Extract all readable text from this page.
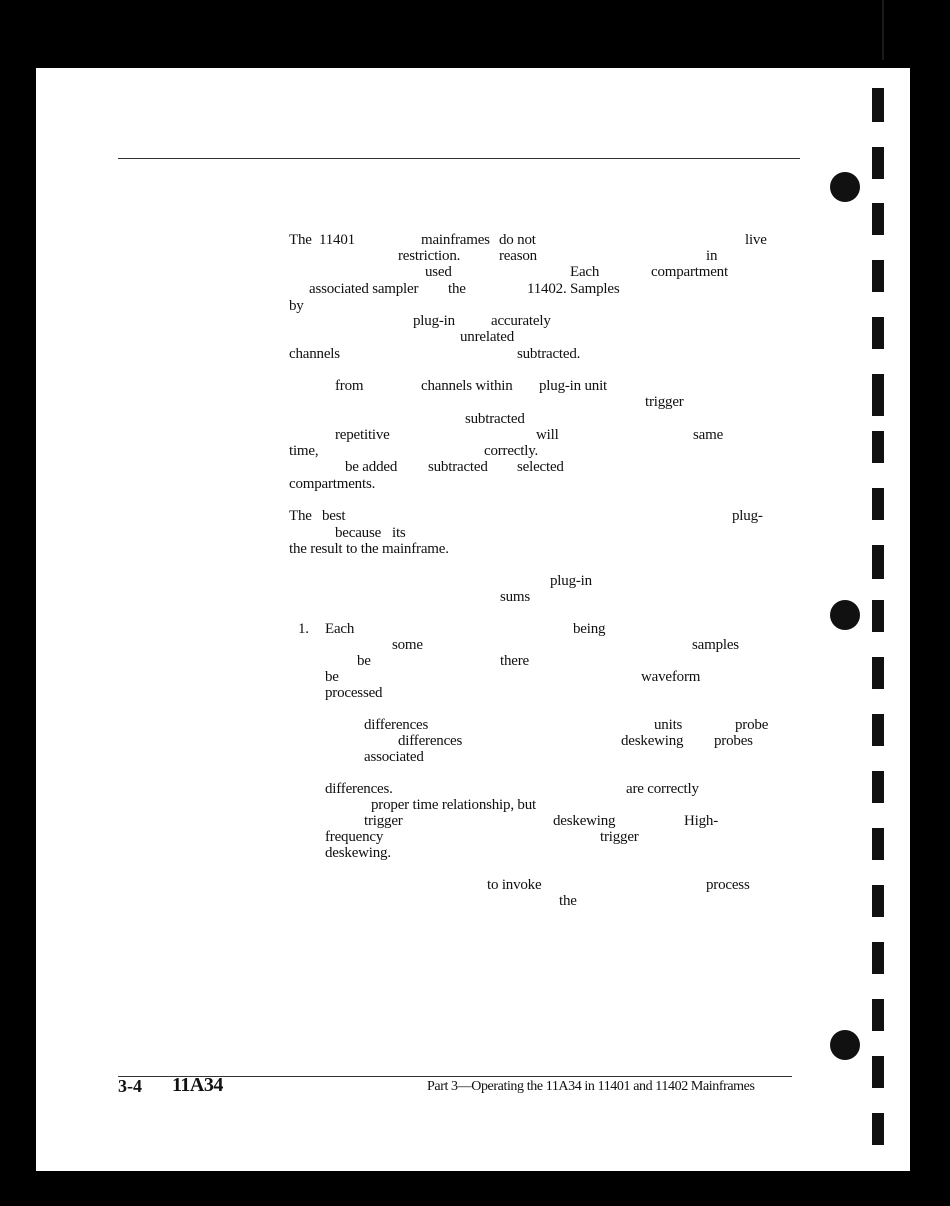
The 11401	mainframes do not	live
restriction.	reason	in
used	Each	compartment
associated sampler the	11402. Samples
by
plug-in accurately
unrelated
channels	subtracted.
from	channels within plug-in unit
trigger
subtracted
repetitive	will	same
time,	correctly.
be added subtracted selected
compartments.
The best	plug-
because its
the result to the mainframe.
plug-in
sums
1. Each	being
some	samples
be	there
be	waveform
processed
differences	units	probe
differences	deskewing probes
associated
differences.	are correctly
proper time relationship, but
trigger	deskewing	High-
frequency	trigger
deskewing.
to invoke	process
the
3-4 11A34	Part 3—Operating the 11A34 in 11401 and 11402 Mainframes
